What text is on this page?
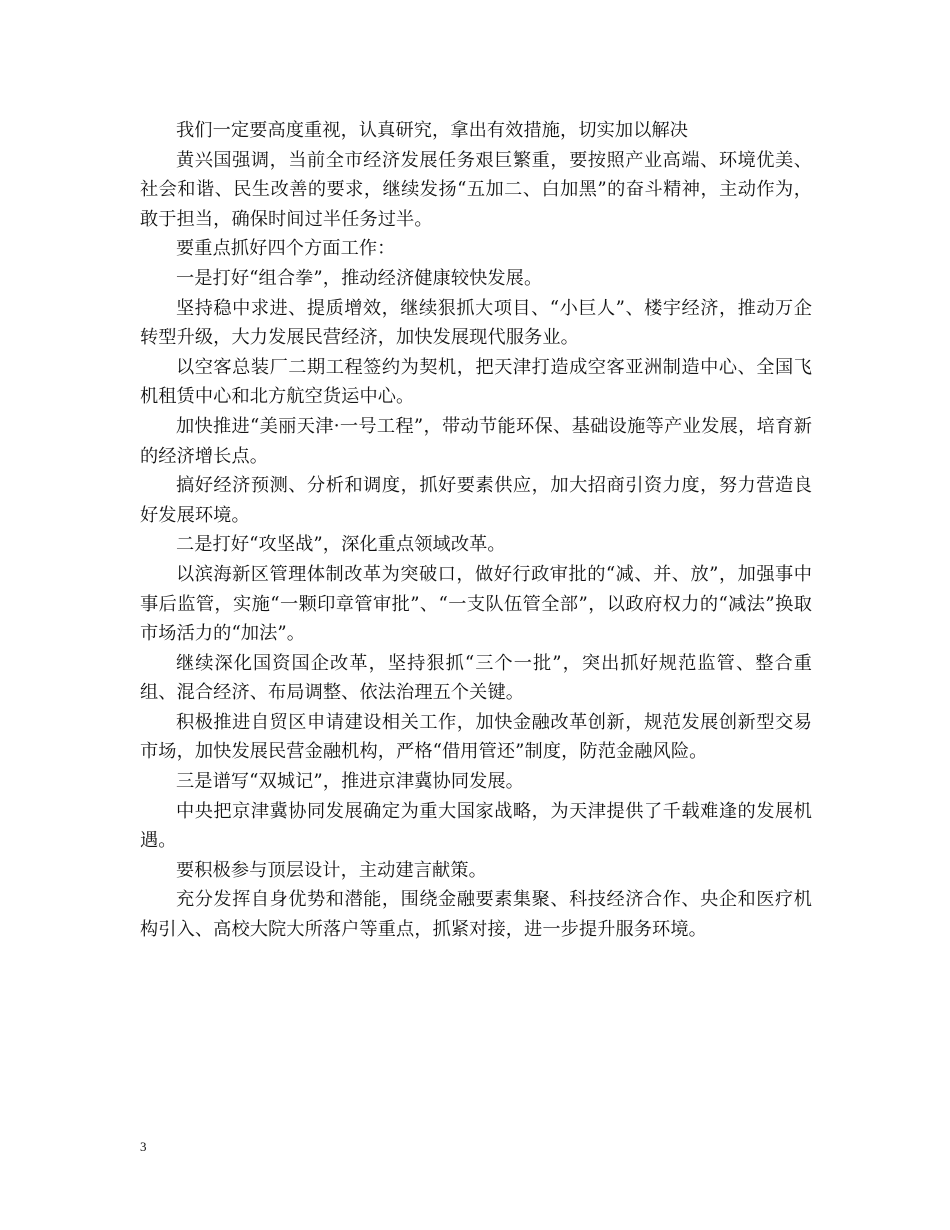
我们一定要高度重视，认真研究，拿出有效措施，切实加以解决

黄兴国强调，当前全市经济发展任务艰巨繁重，要按照产业高端、环境优美、社会和谐、民生改善的要求，继续发扬“五加二、白加黑”的奋斗精神，主动作为，敢于担当，确保时间过半任务过半。

要重点抓好四个方面工作：

一是打好“组合拳”，推动经济健康较快发展。

坚持稳中求进、提质增效，继续狠抓大项目、“小巨人”、楼宇经济，推动万企转型升级，大力发展民营经济，加快发展现代服务业。

以空客总装厂二期工程签约为契机，把天津打造成空客亚洲制造中心、全国飞机租赁中心和北方航空货运中心。

加快推进“美丽天津·一号工程”，带动节能环保、基础设施等产业发展，培育新的经济增长点。

搞好经济预测、分析和调度，抓好要素供应，加大招商引资力度，努力营造良好发展环境。

二是打好“攻坚战”，深化重点领域改革。

以滨海新区管理体制改革为突破口，做好行政审批的“减、并、放”，加强事中事后监管，实施“一颗印章管审批”、“一支队伍管全部”，以政府权力的“减法”换取市场活力的“加法”。

继续深化国资国企改革，坚持狠抓“三个一批”，突出抓好规范监管、整合重组、混合经济、布局调整、依法治理五个关键。

积极推进自贸区申请建设相关工作，加快金融改革创新，规范发展创新型交易市场，加快发展民营金融机构，严格“借用管还”制度，防范金融风险。

三是谱写“双城记”，推进京津冀协同发展。

中央把京津冀协同发展确定为重大国家战略，为天津提供了千载难逢的发展机遇。

要积极参与顶层设计，主动建言献策。

充分发挥自身优势和潜能，围绕金融要素集聚、科技经济合作、央企和医疗机构引入、高校大院大所落户等重点，抓紧对接，进一步提升服务环境。

3
